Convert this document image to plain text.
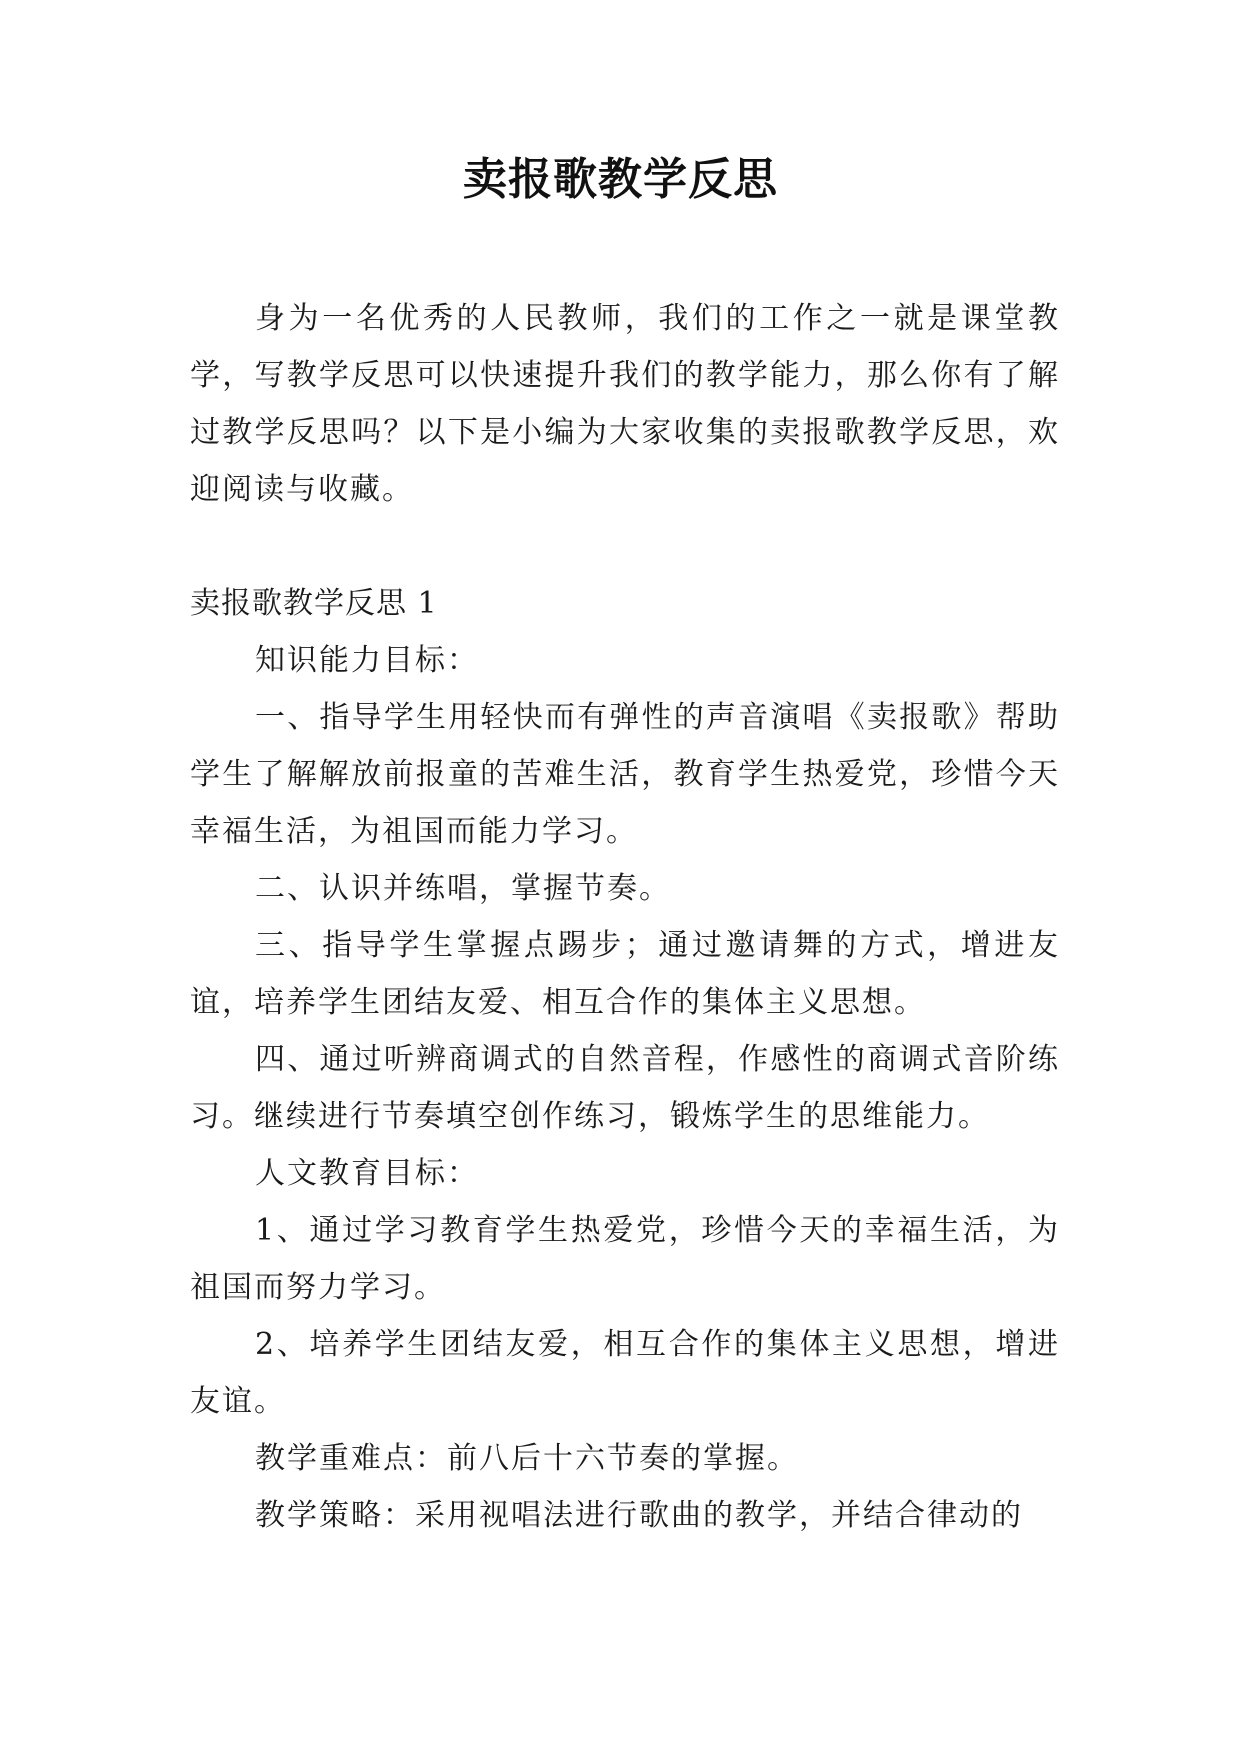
卖报歌教学反思

身为一名优秀的人民教师，我们的工作之一就是课堂教学，写教学反思可以快速提升我们的教学能力，那么你有了解过教学反思吗？以下是小编为大家收集的卖报歌教学反思，欢迎阅读与收藏。

卖报歌教学反思 1

知识能力目标：

一、指导学生用轻快而有弹性的声音演唱《卖报歌》帮助学生了解解放前报童的苦难生活，教育学生热爱党，珍惜今天幸福生活，为祖国而能力学习。

二、认识并练唱，掌握节奏。

三、指导学生掌握点踢步；通过邀请舞的方式，增进友谊，培养学生团结友爱、相互合作的集体主义思想。

四、通过听辨商调式的自然音程，作感性的商调式音阶练习。继续进行节奏填空创作练习，锻炼学生的思维能力。

人文教育目标：

1、通过学习教育学生热爱党，珍惜今天的幸福生活，为祖国而努力学习。

2、培养学生团结友爱，相互合作的集体主义思想，增进友谊。

教学重难点：前八后十六节奏的掌握。

教学策略：采用视唱法进行歌曲的教学，并结合律动的
